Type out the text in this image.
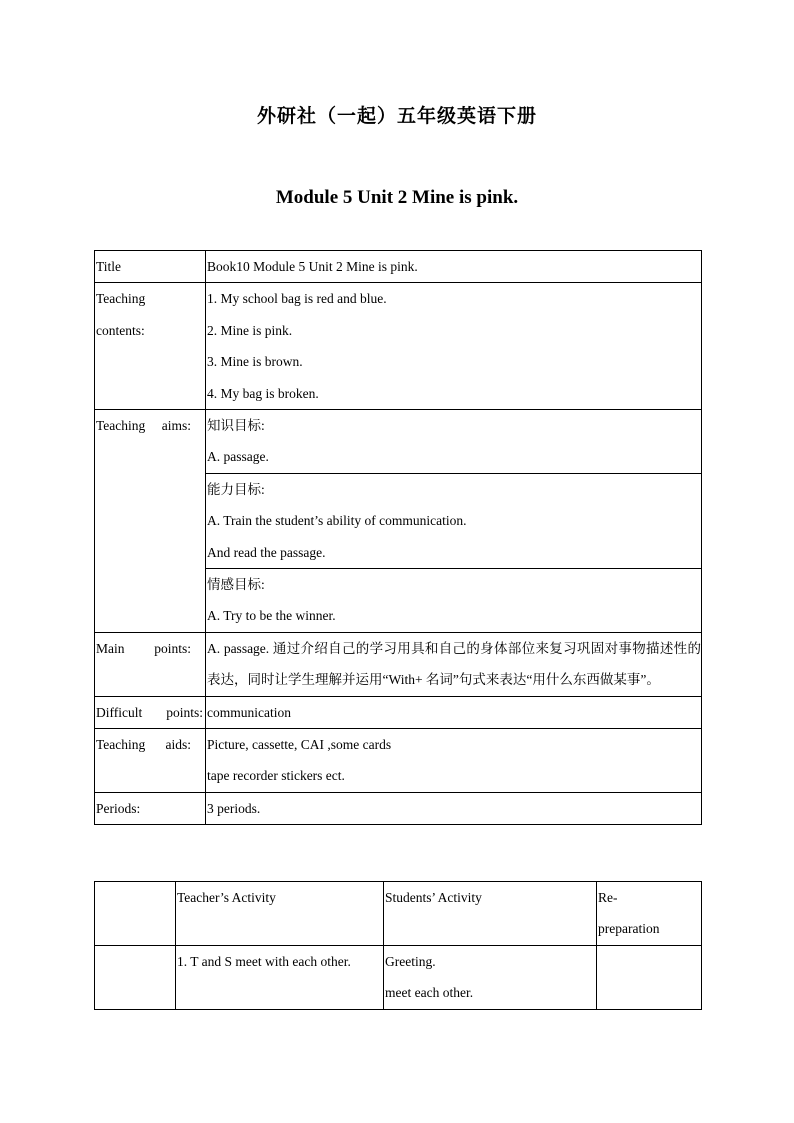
外研社（一起）五年级英语下册
Module 5 Unit 2 Mine is pink.
Title	Book10 Module 5 Unit 2 Mine is pink.

Teaching
contents:	1. My school bag is red and blue.
2. Mine is pink.
3. Mine is brown.
4. My bag is broken.

Teaching aims:	知识目标:
A. passage.

	能力目标:
A. Train the student’s ability of communication.
And read the passage.

	情感目标:
A. Try to be the winner.

Main points:	A. passage. 通过介绍自己的学习用具和自己的身体部位来复习巩固对事物描述性的表达，同时让学生理解并运用“With+ 名词”句式来表达“用什么东西做某事”。

Difficult points:	communication

Teaching aids:	Picture, cassette, CAI ,some cards
tape recorder stickers ect.

Periods:	3 periods.

	Teacher’s Activity	Students’ Activity	Re-
preparation

	1. T and S meet with each other.	Greeting.
meet each other.	
